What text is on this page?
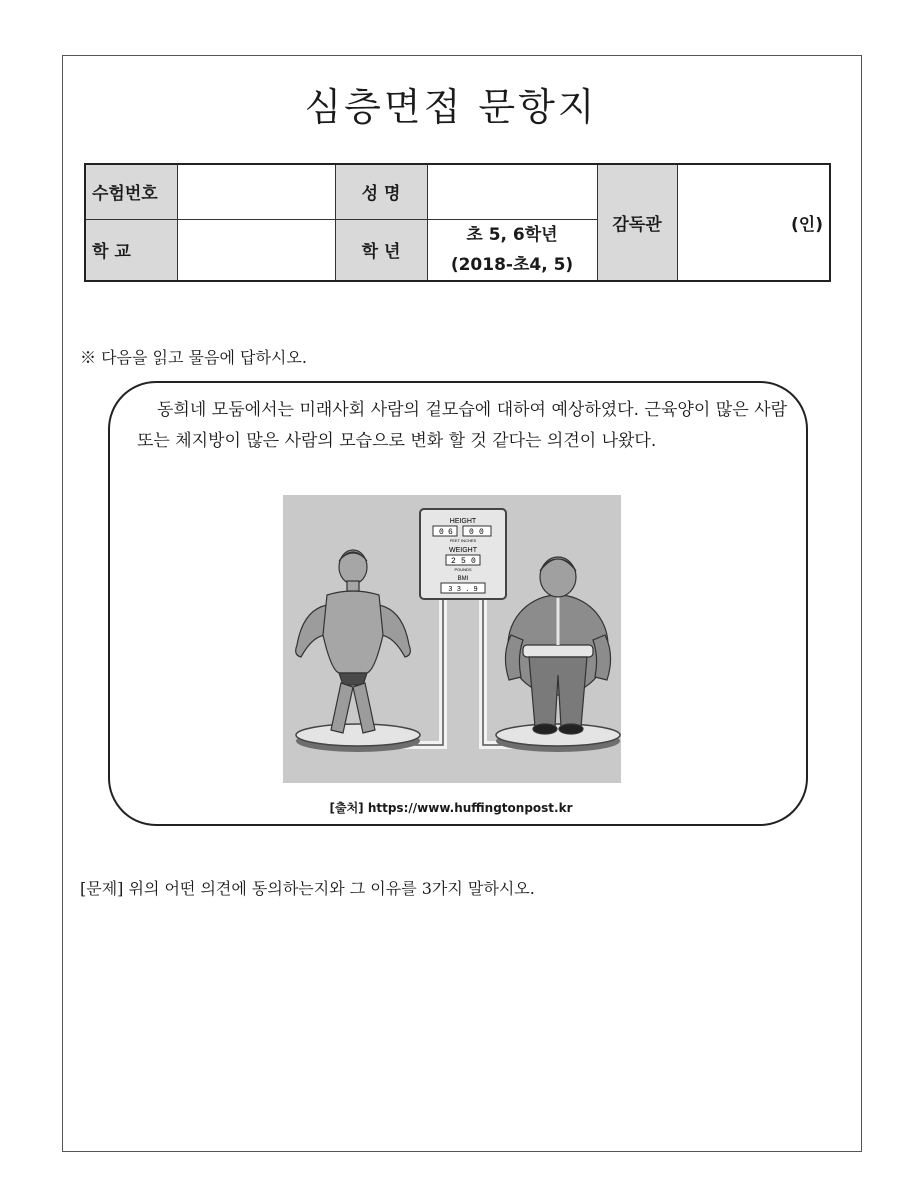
심층면접 문항지
수험번호		성 명		감독관	(인)
학 교		학 년	초 5, 6학년
(2018-초4, 5)		
※ 다음을 읽고 물음에 답하시오.

동희네 모둠에서는 미래사회 사람의 겉모습에 대하여 예상하였다. 근육양이 많은 사람 또는 체지방이 많은 사람의 모습으로 변화 할 것 같다는 의견이 나왔다.

HEIGHT
0 6 0 0
FEET INCHES
WEIGHT
2 5 0
POUNDS
BMI
3 3 . 9
[출처] https://www.huffingtonpost.kr
[문제] 위의 어떤 의견에 동의하는지와 그 이유를 3가지 말하시오.
